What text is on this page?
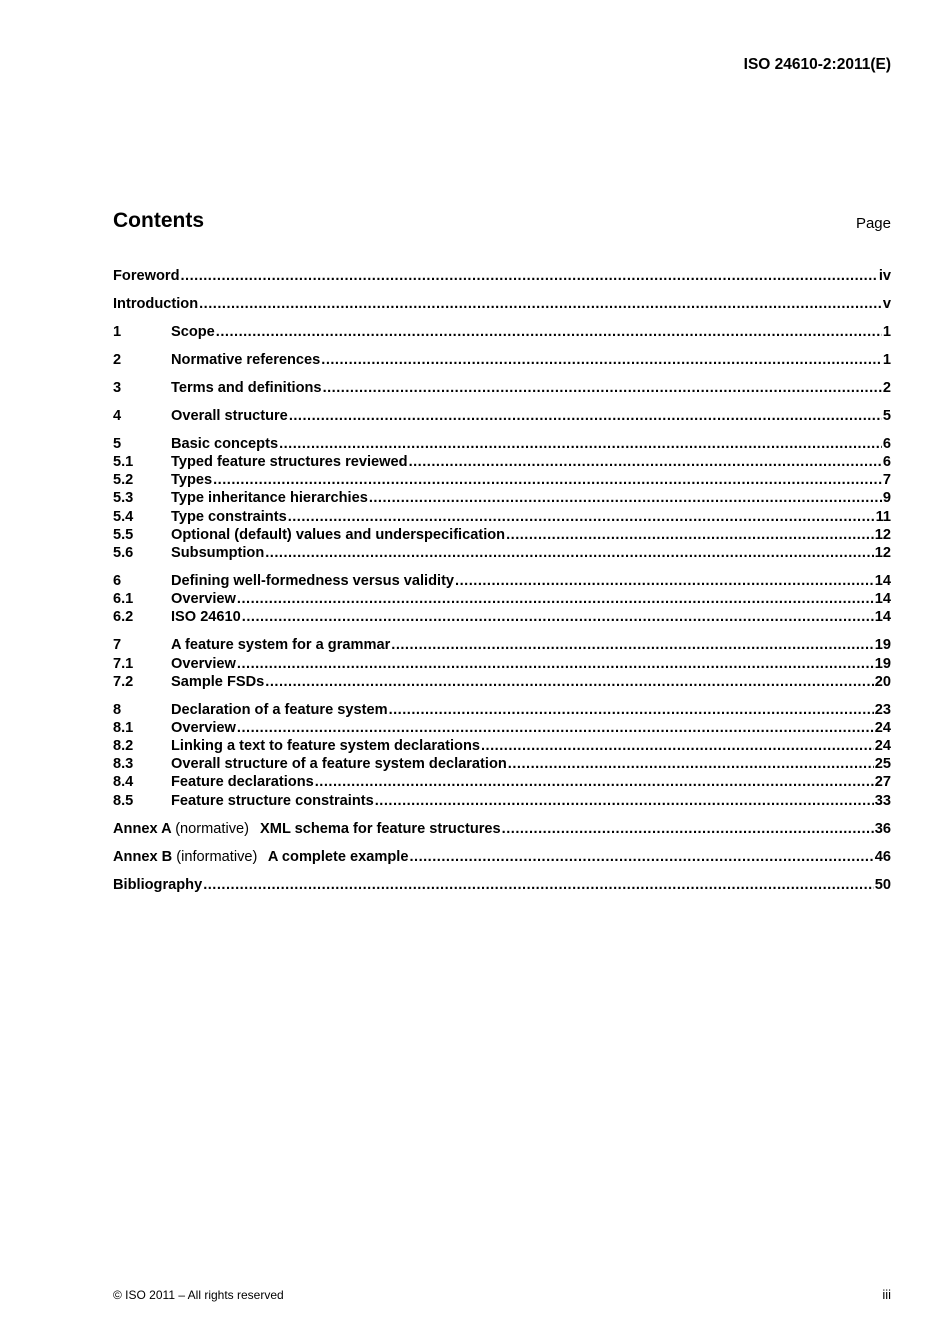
ISO 24610-2:2011(E)
Contents	Page
Foreword .....	iv
Introduction .....	v
1	Scope .....	1
2	Normative references .....	1
3	Terms and definitions .....	2
4	Overall structure .....	5
5	Basic concepts .....	6
5.1	Typed feature structures reviewed .....	6
5.2	Types .....	7
5.3	Type inheritance hierarchies .....	9
5.4	Type constraints .....	11
5.5	Optional (default) values and underspecification .....	12
5.6	Subsumption .....	12
6	Defining well-formedness versus validity .....	14
6.1	Overview .....	14
6.2	ISO 24610 .....	14
7	A feature system for a grammar .....	19
7.1	Overview .....	19
7.2	Sample FSDs .....	20
8	Declaration of a feature system .....	23
8.1	Overview .....	24
8.2	Linking a text to feature system declarations .....	24
8.3	Overall structure of a feature system declaration .....	25
8.4	Feature declarations .....	27
8.5	Feature structure constraints .....	33
Annex A (normative) XML schema for feature structures .....	36
Annex B (informative) A complete example .....	46
Bibliography .....	50
© ISO 2011 – All rights reserved	iii
